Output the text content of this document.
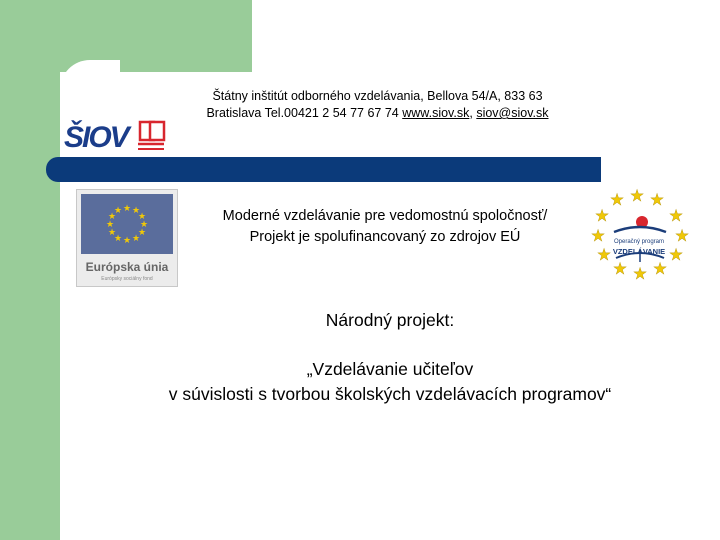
Štátny inštitút odborného vzdelávania, Bellova 54/A, 833 63
Bratislava Tel.00421 2 54 77 67 74 www.siov.sk, siov@siov.sk
ŠIOV
★ ★
★
★
★
★
★
★
★
★
★
★
Európska únia
Európsky sociálny fond
Moderné vzdelávanie pre vedomostnú spoločnosť/
Projekt je spolufinancovaný zo zdrojov EÚ
★ ★ ★
★	★
★	★
★	★
★ ★ ★
Operačný program
VZDELÁVANIE
Národný projekt:
„Vzdelávanie učiteľov
v súvislosti s tvorbou školských vzdelávacích programov“
